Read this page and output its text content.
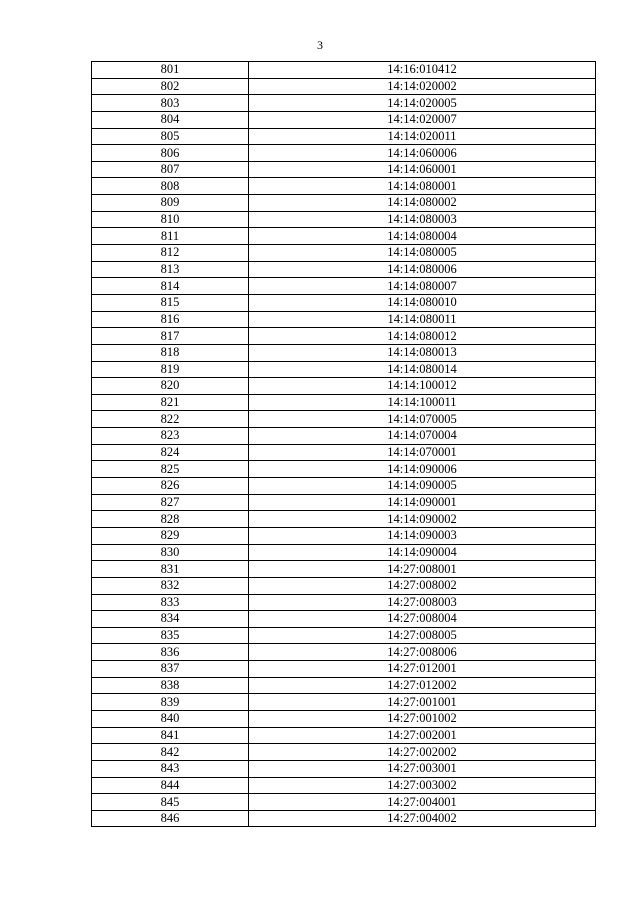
3
801	14:16:010412
802	14:14:020002
803	14:14:020005
804	14:14:020007
805	14:14:020011
806	14:14:060006
807	14:14:060001
808	14:14:080001
809	14:14:080002
810	14:14:080003
811	14:14:080004
812	14:14:080005
813	14:14:080006
814	14:14:080007
815	14:14:080010
816	14:14:080011
817	14:14:080012
818	14:14:080013
819	14:14:080014
820	14:14:100012
821	14:14:100011
822	14:14:070005
823	14:14:070004
824	14:14:070001
825	14:14:090006
826	14:14:090005
827	14:14:090001
828	14:14:090002
829	14:14:090003
830	14:14:090004
831	14:27:008001
832	14:27:008002
833	14:27:008003
834	14:27:008004
835	14:27:008005
836	14:27:008006
837	14:27:012001
838	14:27:012002
839	14:27:001001
840	14:27:001002
841	14:27:002001
842	14:27:002002
843	14:27:003001
844	14:27:003002
845	14:27:004001
846	14:27:004002
